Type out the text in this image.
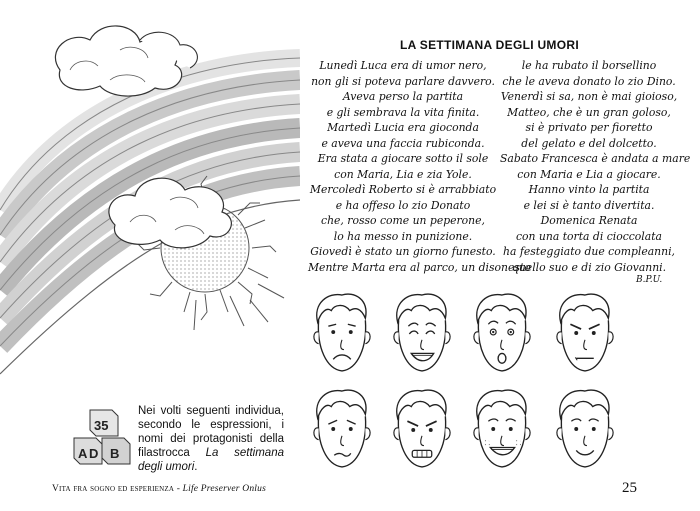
35
A D B
Nei volti seguenti individua, secondo le espressioni, i nomi dei protagonisti della filastrocca La settimana degli umori.
Vita fra sogno ed esperienza - Life Preserver Onlus	25
LA SETTIMANA DEGLI UMORI
Lunedì Luca era di umor nero,
non gli si poteva parlare davvero.
Aveva perso la partita
e gli sembrava la vita finita.
Martedì Lucia era gioconda
e aveva una faccia rubiconda.
Era stata a giocare sotto il sole
con Maria, Lia e zia Yole.
Mercoledì Roberto si è arrabbiato
e ha offeso lo zio Donato
che, rosso come un peperone,
lo ha messo in punizione.
Giovedì è stato un giorno funesto.
Mentre Marta era al parco, un disonesto
le ha rubato il borsellino
che le aveva donato lo zio Dino.
Venerdì si sa, non è mai gioioso,
Matteo, che è un gran goloso,
si è privato per fioretto
del gelato e del dolcetto.
Sabato Francesca è andata a mare
con Maria e Lia a giocare.
Hanno vinto la partita
e lei si è tanto divertita.
Domenica Renata
con una torta di cioccolata
ha festeggiato due compleanni,
quello suo e di zio Giovanni.
B.P.U.
